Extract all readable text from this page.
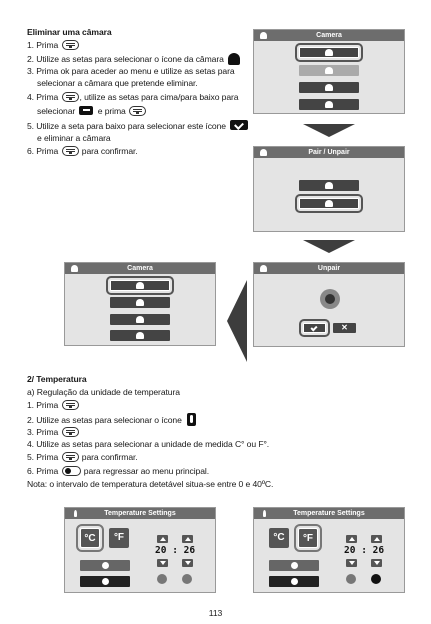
Eliminar uma câmara
1. Prima
2. Utilize as setas para selecionar o ícone da câmara
3. Prima ok para aceder ao menu e utilize as setas para
selecionar a câmara que pretende eliminar.
4. Prima , utilize as setas para cima/para baixo para
selecionar	e prima
5. Utilize a seta para baixo para selecionar este ícone
e eliminar a câmara
6. Prima	para confirmar.
Camera
Pair / Unpair
Camera	Unpair
✕
2/ Temperatura
a) Regulação da unidade de temperatura
1. Prima
2. Utilize as setas para selecionar o ícone
3. Prima
4. Utilize as setas para selecionar a unidade de medida C° ou F°.
5. Prima	para confirmar.
6. Prima	para regressar ao menu principal.
Nota: o intervalo de temperatura detetável situa-se entre 0 e 40ºC.
Temperature Settings
°C	°F
20 : 26
Temperature Settings
°C	°F
20 : 26
113
